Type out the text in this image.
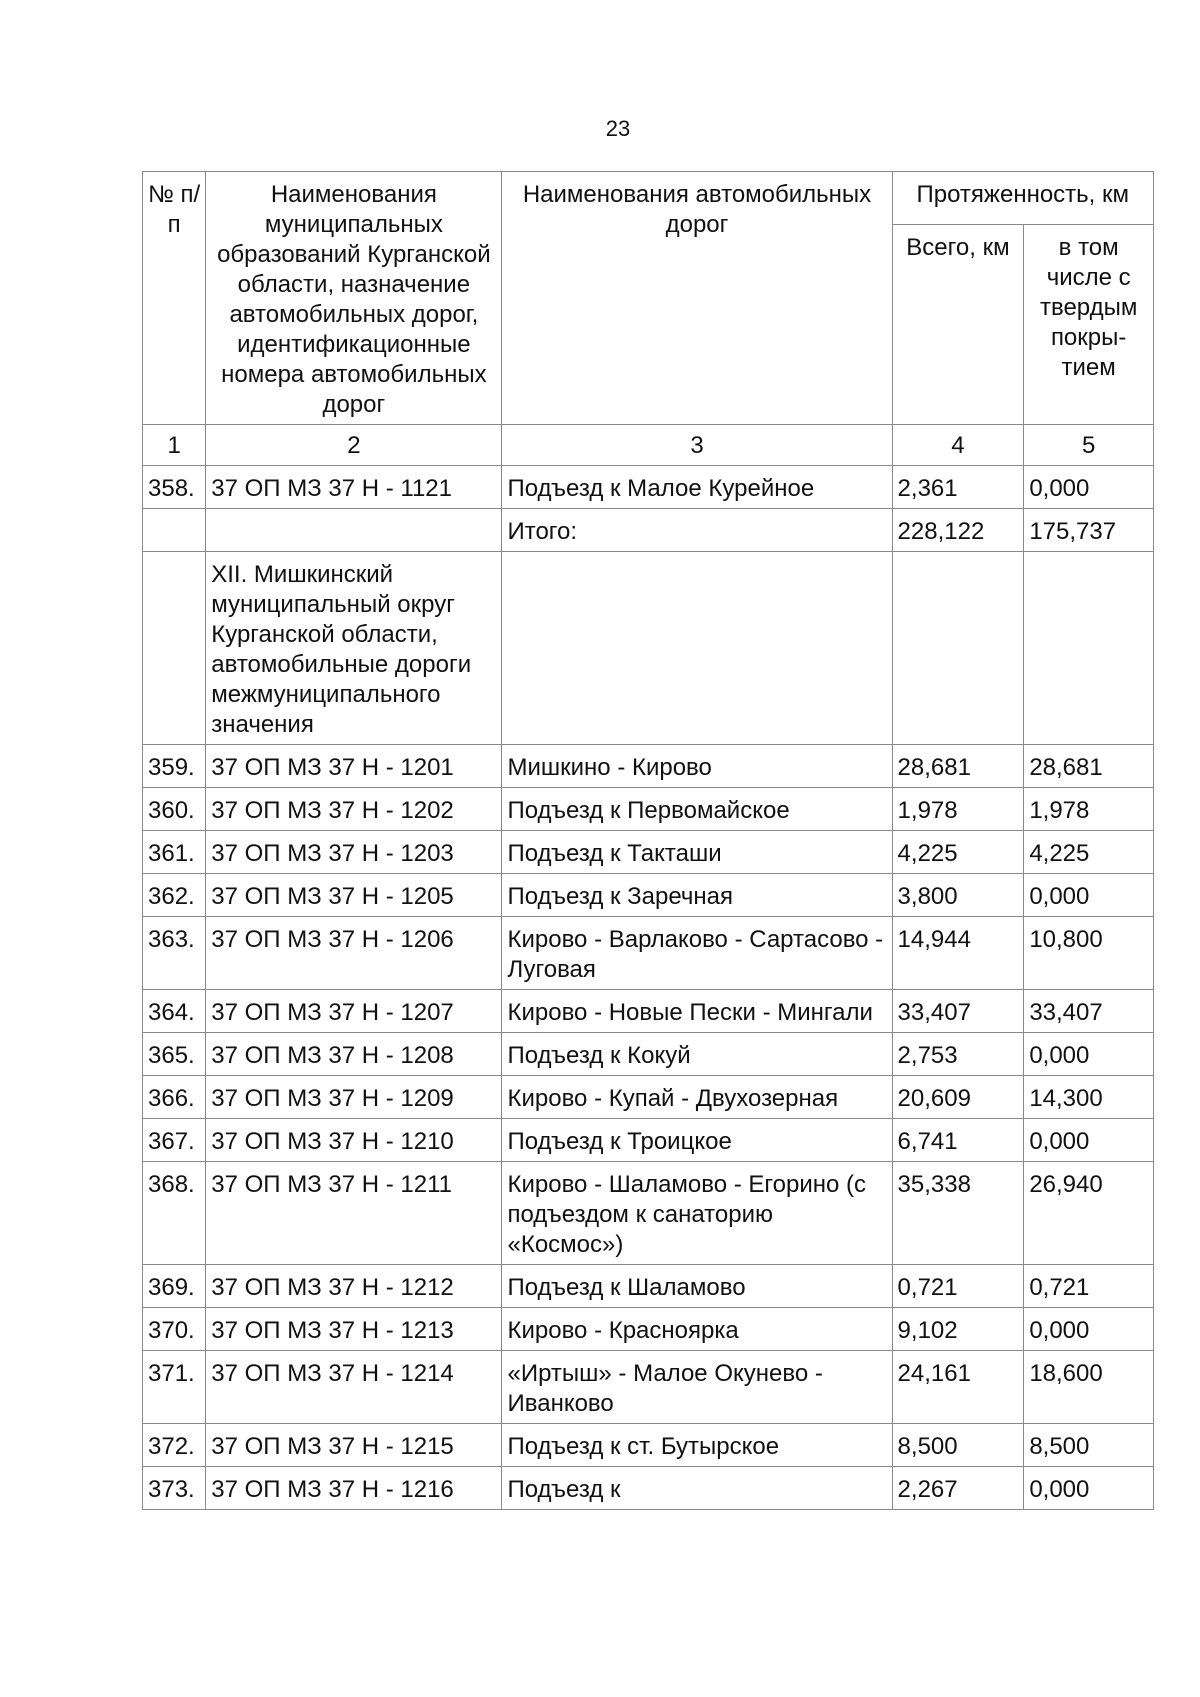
23
№ п/п	Наименования муниципальных образований Курганской области, назначение автомобильных дорог, идентификационные номера автомобильных дорог	Наименования автомобильных дорог	Протяженность, км	
			Всего, км	в том числе с твердым покры-тием
1	2	3	4	5
358.	37 ОП МЗ 37 Н - 1121	Подъезд к Малое Курейное	2,361	0,000
		Итого:	228,122	175,737
	XII. Мишкинский муниципальный округ Курганской области, автомобильные дороги межмуниципального значения			
359.	37 ОП МЗ 37 Н - 1201	Мишкино - Кирово	28,681	28,681
360.	37 ОП МЗ 37 Н - 1202	Подъезд к Первомайское	1,978	1,978
361.	37 ОП МЗ 37 Н - 1203	Подъезд к Такташи	4,225	4,225
362.	37 ОП МЗ 37 Н - 1205	Подъезд к Заречная	3,800	0,000
363.	37 ОП МЗ 37 Н - 1206	Кирово - Варлаково - Сартасово - Луговая	14,944	10,800
364.	37 ОП МЗ 37 Н - 1207	Кирово - Новые Пески - Мингали	33,407	33,407
365.	37 ОП МЗ 37 Н - 1208	Подъезд к Кокуй	2,753	0,000
366.	37 ОП МЗ 37 Н - 1209	Кирово - Купай - Двухозерная	20,609	14,300
367.	37 ОП МЗ 37 Н - 1210	Подъезд к Троицкое	6,741	0,000
368.	37 ОП МЗ 37 Н - 1211	Кирово - Шаламово - Егорино (с подъездом к санаторию «Космос»)	35,338	26,940
369.	37 ОП МЗ 37 Н - 1212	Подъезд к Шаламово	0,721	0,721
370.	37 ОП МЗ 37 Н - 1213	Кирово - Красноярка	9,102	0,000
371.	37 ОП МЗ 37 Н - 1214	«Иртыш» - Малое Окунево - Иванково	24,161	18,600
372.	37 ОП МЗ 37 Н - 1215	Подъезд к ст. Бутырское	8,500	8,500
373.	37 ОП МЗ 37 Н - 1216	Подъезд к	2,267	0,000
